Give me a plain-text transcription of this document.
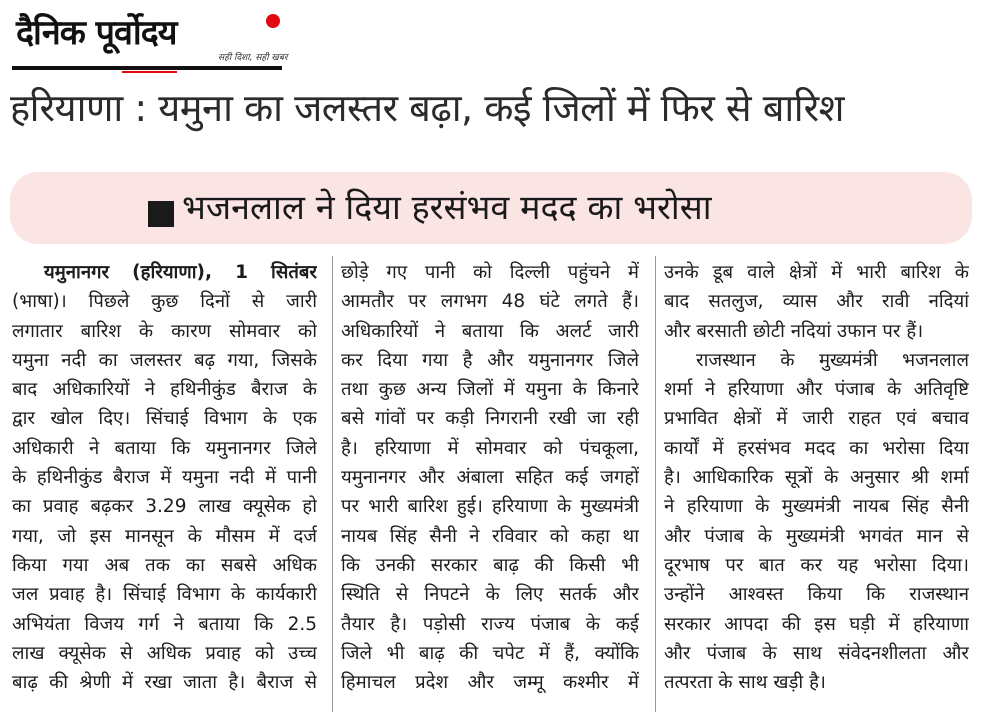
दैनिक पूर्वोदय
सही दिशा, सही खबर
हरियाणा : यमुना का जलस्तर बढ़ा, कई जिलों में फिर से बारिश
भजनलाल ने दिया हरसंभव मदद का भरोसा
यमुनानगर (हरियाणा), 1 सितंबर
(भाषा)। पिछले कुछ दिनों से जारी
लगातार बारिश के कारण सोमवार को
यमुना नदी का जलस्तर बढ़ गया, जिसके
बाद अधिकारियों ने हथिनीकुंड बैराज के
द्वार खोल दिए। सिंचाई विभाग के एक
अधिकारी ने बताया कि यमुनानगर जिले
के हथिनीकुंड बैराज में यमुना नदी में पानी
का प्रवाह बढ़कर 3.29 लाख क्यूसेक हो
गया, जो इस मानसून के मौसम में दर्ज
किया गया अब तक का सबसे अधिक
जल प्रवाह है। सिंचाई विभाग के कार्यकारी
अभियंता विजय गर्ग ने बताया कि 2.5
लाख क्यूसेक से अधिक प्रवाह को उच्च
बाढ़ की श्रेणी में रखा जाता है। बैराज से
छोड़े गए पानी को दिल्ली पहुंचने में
आमतौर पर लगभग 48 घंटे लगते हैं।
अधिकारियों ने बताया कि अलर्ट जारी
कर दिया गया है और यमुनानगर जिले
तथा कुछ अन्य जिलों में यमुना के किनारे
बसे गांवों पर कड़ी निगरानी रखी जा रही
है। हरियाणा में सोमवार को पंचकूला,
यमुनानगर और अंबाला सहित कई जगहों
पर भारी बारिश हुई। हरियाणा के मुख्यमंत्री
नायब सिंह सैनी ने रविवार को कहा था
कि उनकी सरकार बाढ़ की किसी भी
स्थिति से निपटने के लिए सतर्क और
तैयार है। पड़ोसी राज्य पंजाब के कई
जिले भी बाढ़ की चपेट में हैं, क्योंकि
हिमाचल प्रदेश और जम्मू कश्मीर में
उनके डूब वाले क्षेत्रों में भारी बारिश के
बाद सतलुज, व्यास और रावी नदियां
और बरसाती छोटी नदियां उफान पर हैं।
राजस्थान के मुख्यमंत्री भजनलाल
शर्मा ने हरियाणा और पंजाब के अतिवृष्टि
प्रभावित क्षेत्रों में जारी राहत एवं बचाव
कार्यों में हरसंभव मदद का भरोसा दिया
है। आधिकारिक सूत्रों के अनुसार श्री शर्मा
ने हरियाणा के मुख्यमंत्री नायब सिंह सैनी
और पंजाब के मुख्यमंत्री भगवंत मान से
दूरभाष पर बात कर यह भरोसा दिया।
उन्होंने आश्वस्त किया कि राजस्थान
सरकार आपदा की इस घड़ी में हरियाणा
और पंजाब के साथ संवेदनशीलता और
तत्परता के साथ खड़ी है।
